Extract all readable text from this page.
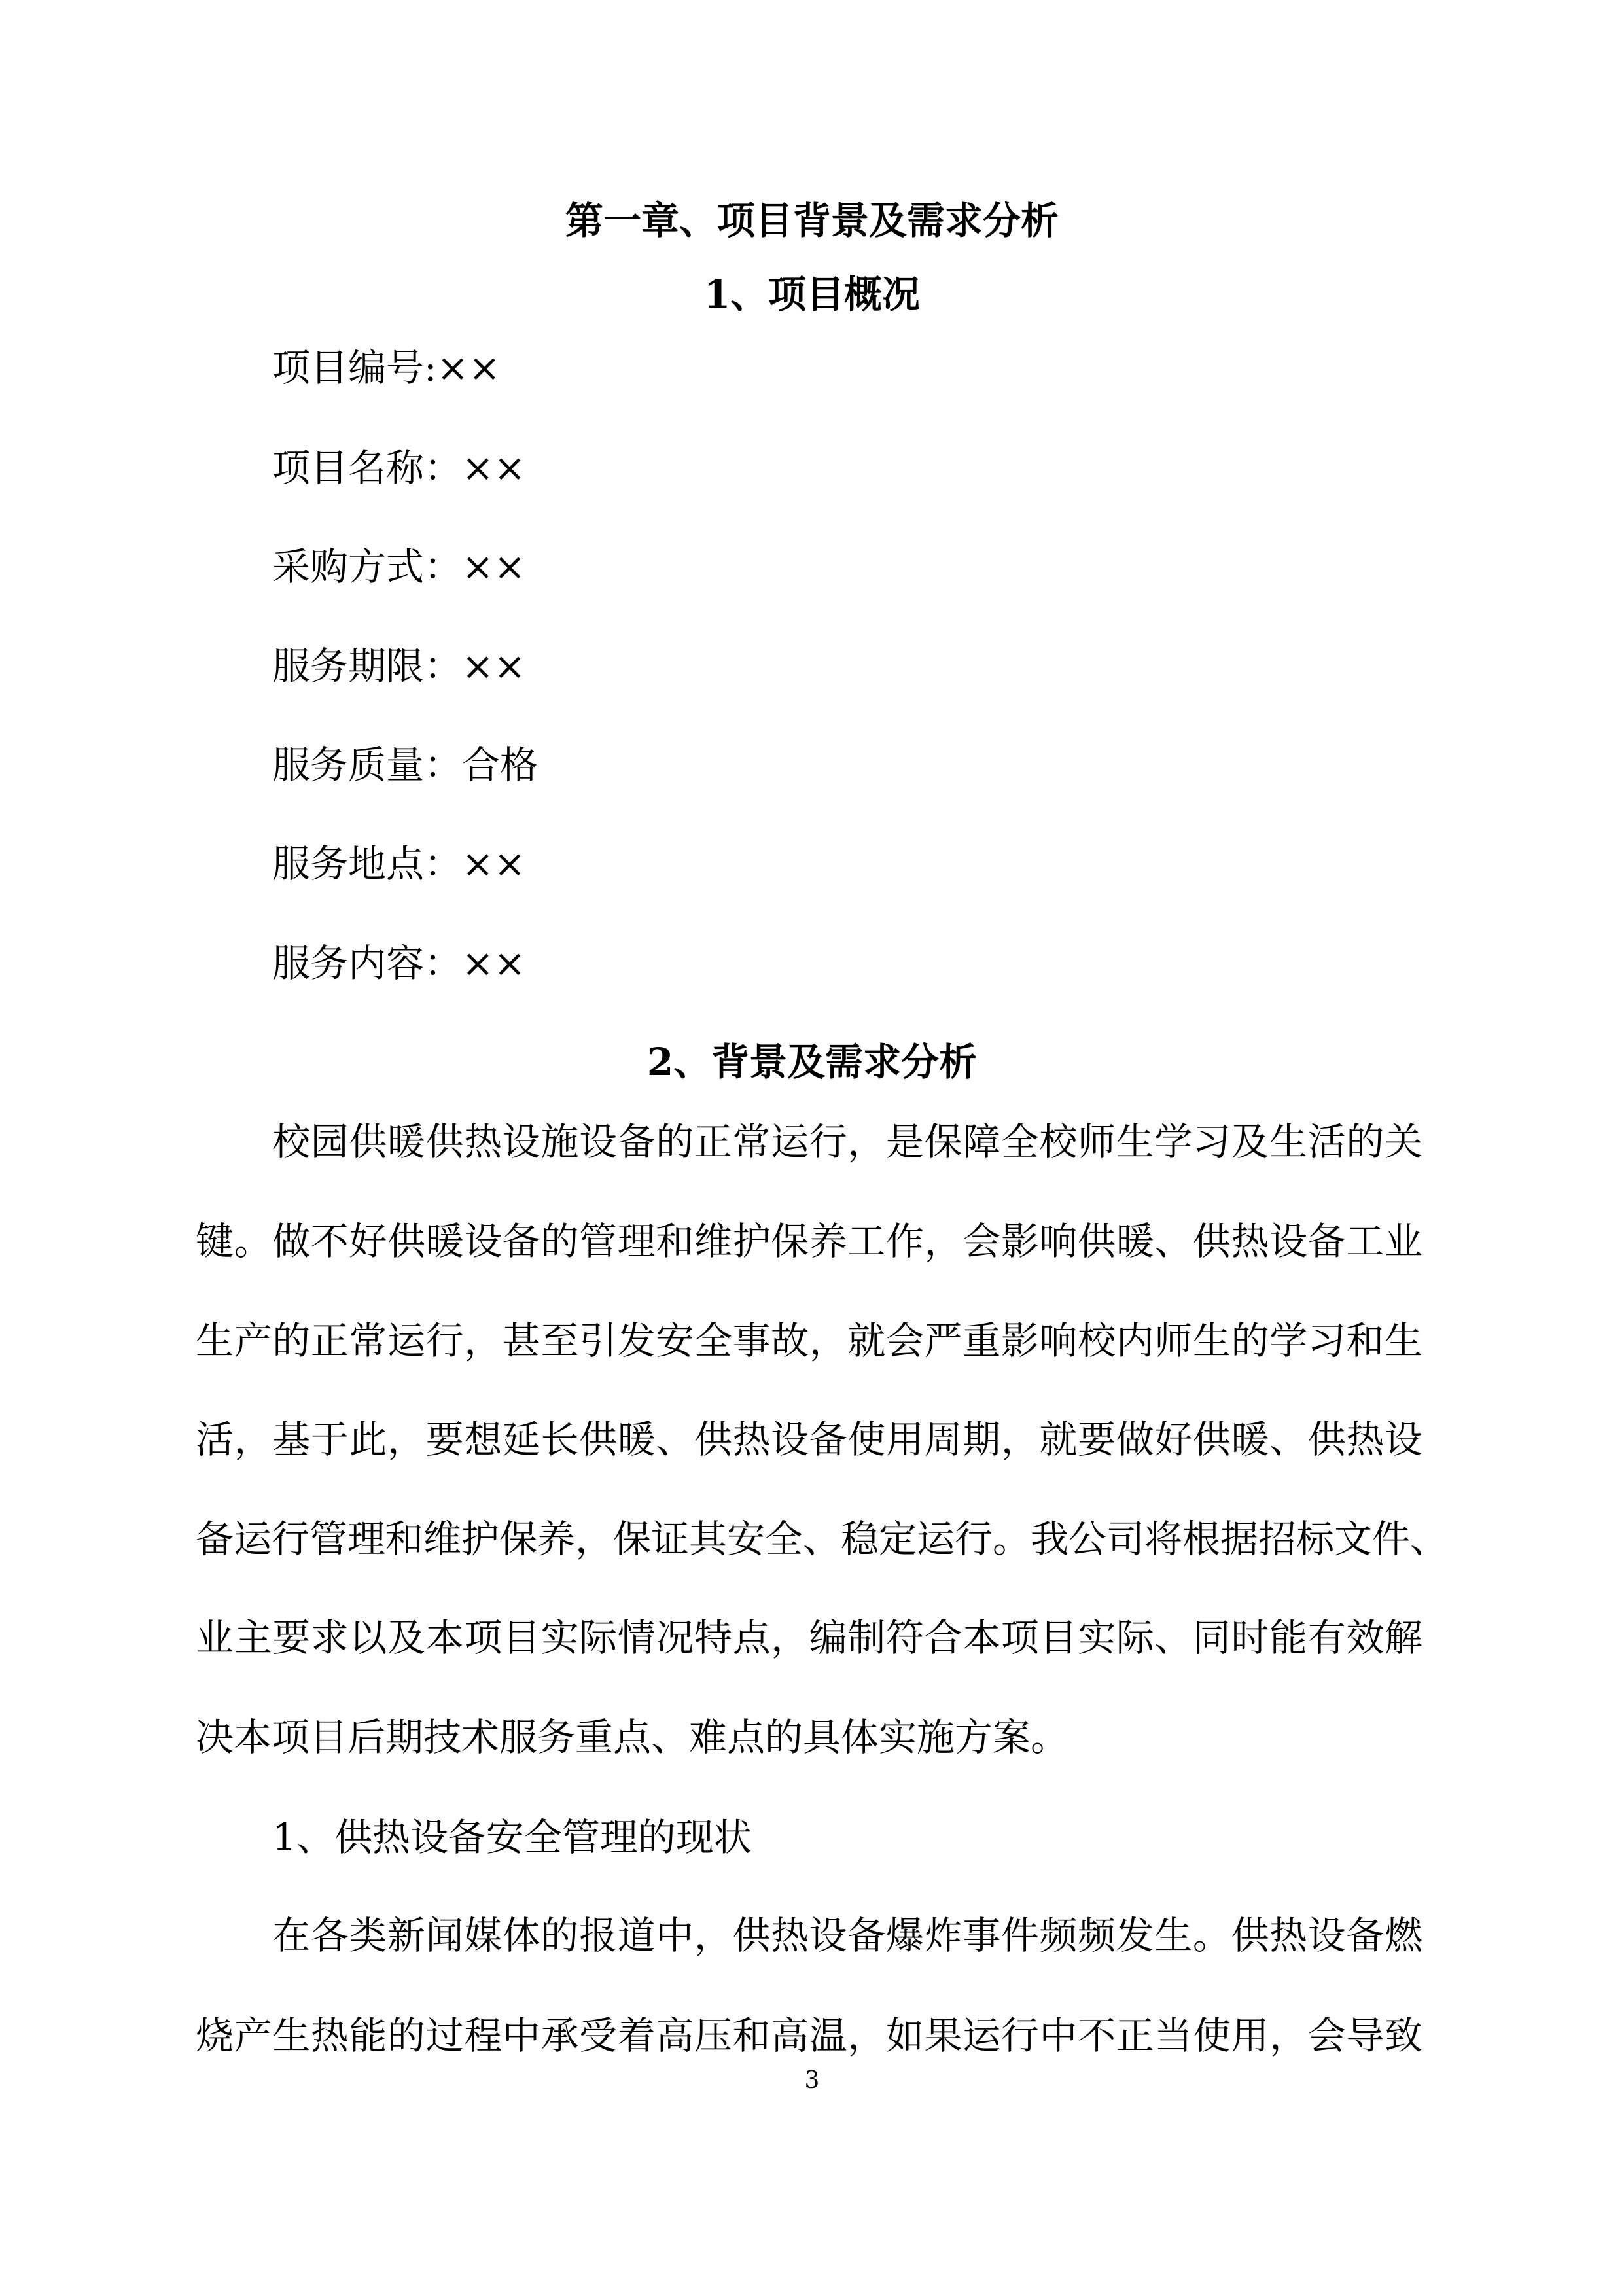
第一章、项目背景及需求分析
1、项目概况
项目编号:××
项目名称：××
采购方式：××
服务期限：××
服务质量：合格
服务地点：××
服务内容：××
2、背景及需求分析
校园供暖供热设施设备的正常运行，是保障全校师生学习及生活的关
键。做不好供暖设备的管理和维护保养工作，会影响供暖、供热设备工业
生产的正常运行，甚至引发安全事故，就会严重影响校内师生的学习和生
活，基于此，要想延长供暖、供热设备使用周期，就要做好供暖、供热设
备运行管理和维护保养，保证其安全、稳定运行。我公司将根据招标文件、
业主要求以及本项目实际情况特点，编制符合本项目实际、同时能有效解
决本项目后期技术服务重点、难点的具体实施方案。
1、供热设备安全管理的现状
在各类新闻媒体的报道中，供热设备爆炸事件频频发生。供热设备燃
烧产生热能的过程中承受着高压和高温，如果运行中不正当使用，会导致
3
